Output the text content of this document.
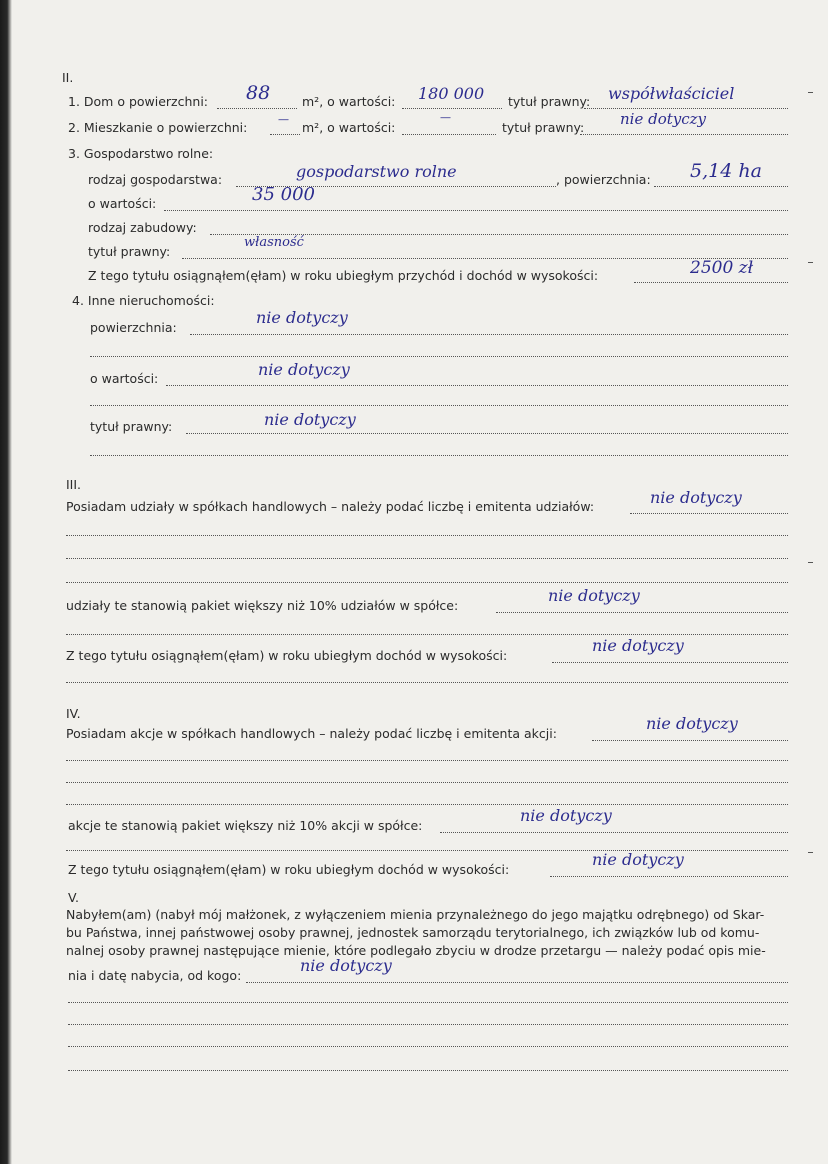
II.
1. Dom o powierzchni: 88	m², o wartości: 180 000 tytuł prawny: współwłaściciel
2. Mieszkanie o powierzchni:
—
m², o wartości:
—
tytuł prawny: nie dotyczy
3. Gospodarstwo rolne:
rodzaj gospodarstwa:	gospodarstwo rolne	, powierzchnia: 5,14 ha
o wartości:	35 000
rodzaj zabudowy:
tytuł prawny:
własność
Z tego tytułu osiągnąłem(ęłam) w roku ubiegłym przychód i dochód w wysokości:	2500 zł
4. Inne nieruchomości:
powierzchnia:
nie dotyczy
o wartości:	nie dotyczy
tytuł prawny:	nie dotyczy
III.
Posiadam udziały w spółkach handlowych – należy podać liczbę i emitenta udziałów:	nie dotyczy
udziały te stanowią pakiet większy niż 10% udziałów w spółce:
nie dotyczy
Z tego tytułu osiągnąłem(ęłam) w roku ubiegłym dochód w wysokości:
nie dotyczy
IV.
Posiadam akcje w spółkach handlowych – należy podać liczbę i emitenta akcji:
nie dotyczy
akcje te stanowią pakiet większy niż 10% akcji w spółce:
nie dotyczy
Z tego tytułu osiągnąłem(ęłam) w roku ubiegłym dochód w wysokości:
nie dotyczy
V.
Nabyłem(am) (nabył mój małżonek, z wyłączeniem mienia przynależnego do jego majątku odrębnego) od Skar-
bu Państwa, innej państwowej osoby prawnej, jednostek samorządu terytorialnego, ich związków lub od komu-
nalnej osoby prawnej następujące mienie, które podlegało zbyciu w drodze przetargu — należy podać opis mie-
nia i datę nabycia, od kogo:
nie dotyczy
